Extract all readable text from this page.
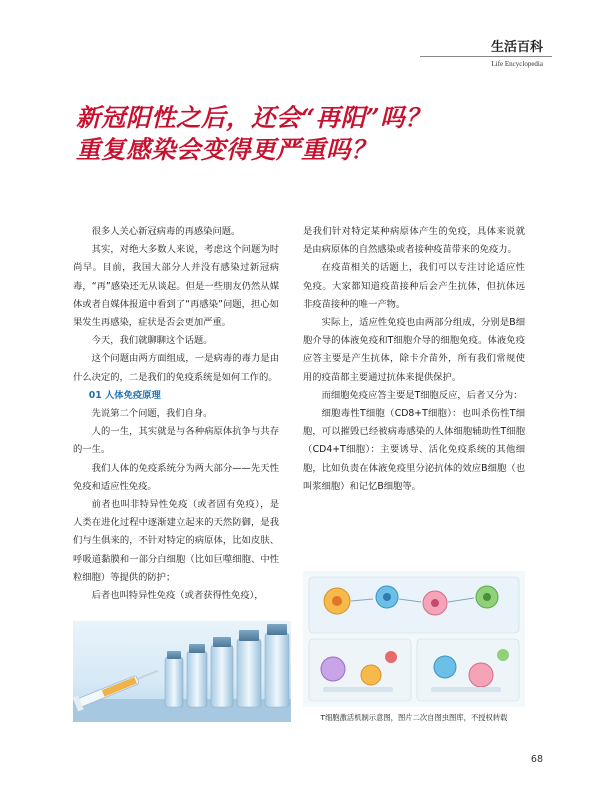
生活百科
Life Encyclopedia
新冠阳性之后，还会“再阳”吗？
重复感染会变得更严重吗？

很多人关心新冠病毒的再感染问题。

其实，对绝大多数人来说，考虑这个问题为时尚早。目前，我国大部分人并没有感染过新冠病毒，“再”感染还无从谈起。但是一些朋友仍然从媒体或者自媒体报道中看到了“再感染”问题，担心如果发生再感染，症状是否会更加严重。

今天，我们就聊聊这个话题。

这个问题由两方面组成，一是病毒的毒力是由什么决定的，二是我们的免疫系统是如何工作的。

01 人体免疫原理

先说第二个问题，我们自身。

人的一生，其实就是与各种病原体抗争与共存的一生。

我们人体的免疫系统分为两大部分——先天性免疫和适应性免疫。

前者也叫非特异性免疫（或者固有免疫），是人类在进化过程中逐渐建立起来的天然防御，是我们与生俱来的，不针对特定的病原体，比如皮肤、呼吸道黏膜和一部分白细胞（比如巨噬细胞、中性粒细胞）等提供的防护；

后者也叫特异性免疫（或者获得性免疫），

是我们针对特定某种病原体产生的免疫，具体来说就是由病原体的自然感染或者接种疫苗带来的免疫力。

在疫苗相关的话题上，我们可以专注讨论适应性免疫。大家都知道疫苗接种后会产生抗体，但抗体远非疫苗接种的唯一产物。

实际上，适应性免疫也由两部分组成，分别是B细胞介导的体液免疫和T细胞介导的细胞免疫。体液免疫应答主要是产生抗体，除卡介苗外，所有我们常规使用的疫苗都主要通过抗体来提供保护。

而细胞免疫应答主要是T细胞反应，后者又分为：

细胞毒性T细胞（CD8+T细胞）：也叫杀伤性T细胞，可以摧毁已经被病毒感染的人体细胞辅助性T细胞（CD4+T细胞）：主要诱导、活化免疫系统的其他细胞，比如负责在体液免疫里分泌抗体的效应B细胞（也叫浆细胞）和记忆B细胞等。

T细胞激活机制示意图，图片二次自图虫图库，不授权转载
68
